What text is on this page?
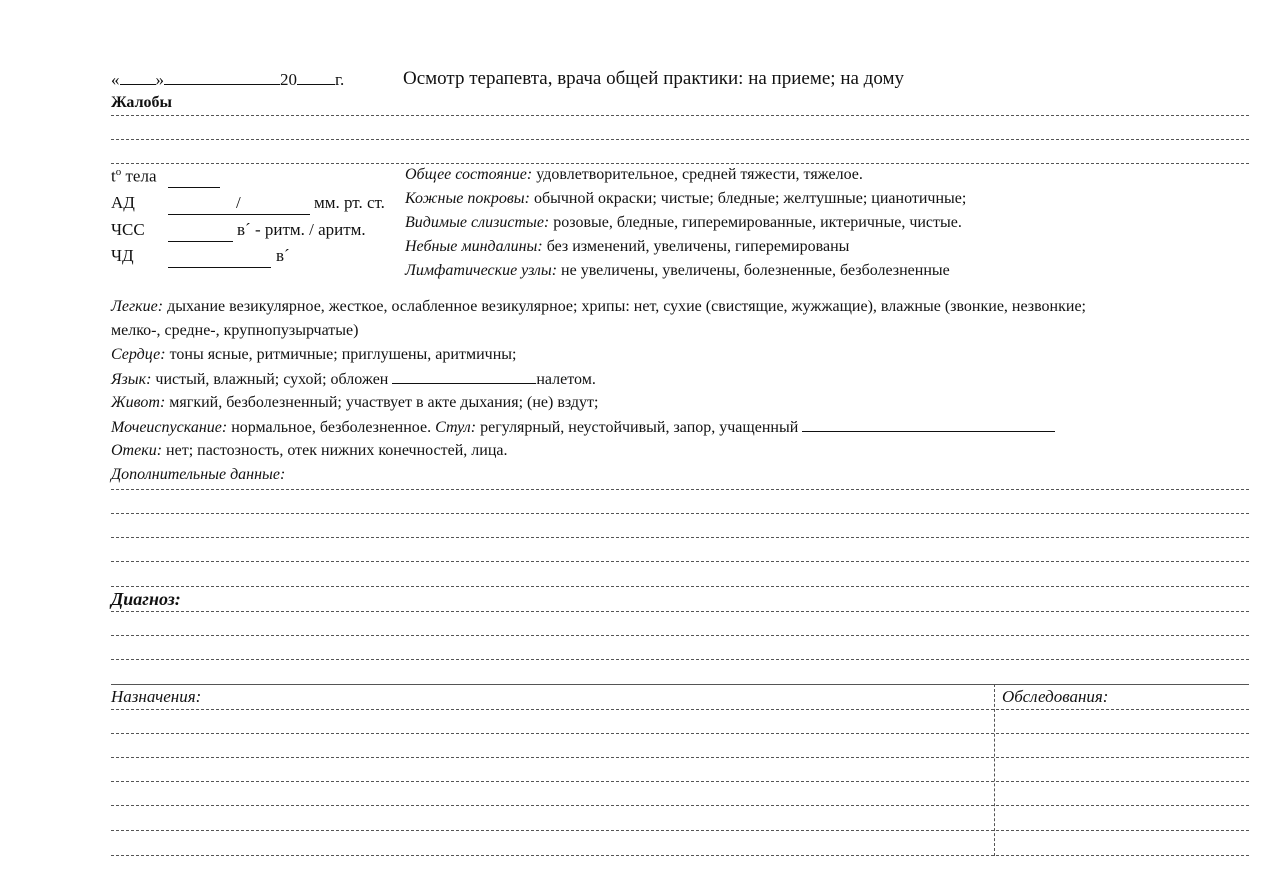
« »	20 г.	Осмотр терапевта, врача общей практики: на приеме; на дому
Жалобы
$t^o$ тела
АД	/	мм. рт. ст.
ЧСС	в´ - ритм. / аритм.
ЧД	в´
Общее состояние: удовлетворительное, средней тяжести, тяжелое.
Кожные покровы: обычной окраски; чистые; бледные; желтушные; цианотичные;
Видимые слизистые: розовые, бледные, гиперемированные, иктеричные, чистые.
Небные миндалины: без изменений, увеличены, гиперемированы
Лимфатические узлы: не увеличены, увеличены, болезненные, безболезненные
Легкие: дыхание везикулярное, жесткое, ослабленное везикулярное; хрипы: нет, сухие (свистящие, жужжащие), влажные (звонкие, незвонкие;
мелко-, средне-, крупнопузырчатые)
Сердце: тоны ясные, ритмичные; приглушены, аритмичны;
Язык: чистый, влажный; сухой; обложен	налетом.
Живот: мягкий, безболезненный; участвует в акте дыхания; (не) вздут;
Мочеиспускание: нормальное, безболезненное. Стул: регулярный, неустойчивый, запор, учащенный
Отеки: нет; пастозность, отек нижних конечностей, лица.
Дополнительные данные:
Диагноз:
Назначения:	Обследования:
